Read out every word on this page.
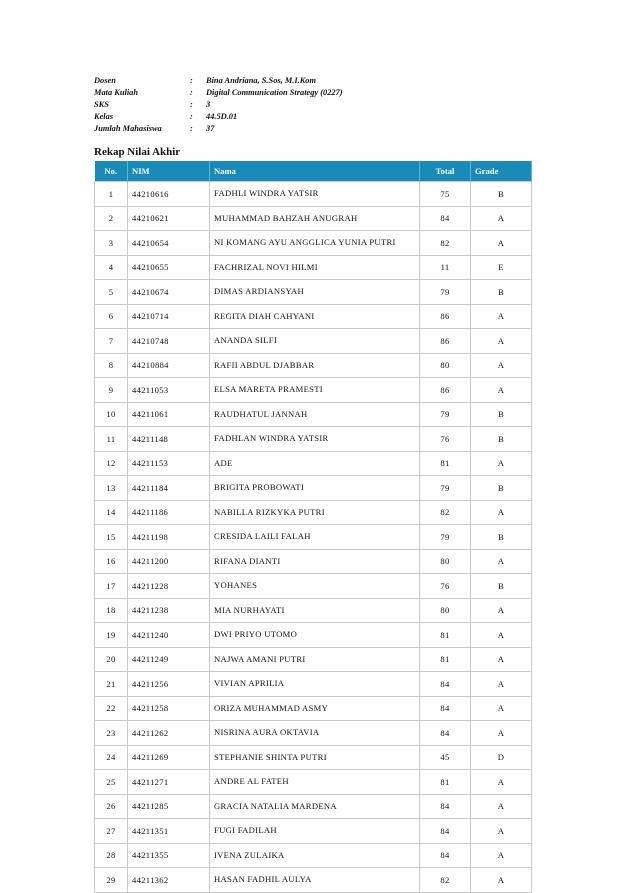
Dosen	:	Bina Andriana, S.Sos, M.I.Kom
Mata Kuliah	:	Digital Communication Strategy (0227)
SKS	:	3
Kelas	:	44.5D.01
Jumlah Mahasiswa	:	37
Rekap Nilai Akhir
No.	NIM	Nama	Total	Grade
1	44210616	FADHLI WINDRA YATSIR	75	B
2	44210621	MUHAMMAD BAHZAH ANUGRAH	84	A
3	44210654	NI KOMANG AYU ANGGLICA YUNIA PUTRI	82	A
4	44210655	FACHRIZAL NOVI HILMI	11	E
5	44210674	DIMAS ARDIANSYAH	79	B
6	44210714	REGITA DIAH CAHYANI	86	A
7	44210748	ANANDA SILFI	86	A
8	44210884	RAFII ABDUL DJABBAR	80	A
9	44211053	ELSA MARETA PRAMESTI	86	A
10	44211061	RAUDHATUL JANNAH	79	B
11	44211148	FADHLAN WINDRA YATSIR	76	B
12	44211153	ADE	81	A
13	44211184	BRIGITA PROBOWATI	79	B
14	44211186	NABILLA RIZKYKA PUTRI	82	A
15	44211198	CRESIDA LAILI FALAH	79	B
16	44211200	RIFANA DIANTI	80	A
17	44211228	YOHANES	76	B
18	44211238	MIA NURHAYATI	80	A
19	44211240	DWI PRIYO UTOMO	81	A
20	44211249	NAJWA AMANI PUTRI	81	A
21	44211256	VIVIAN APRILIA	84	A
22	44211258	ORIZA MUHAMMAD ASMY	84	A
23	44211262	NISRINA AURA OKTAVIA	84	A
24	44211269	STEPHANIE SHINTA PUTRI	45	D
25	44211271	ANDRE AL FATEH	81	A
26	44211285	GRACIA NATALIA MARDENA	84	A
27	44211351	FUGI FADILAH	84	A
28	44211355	IVENA ZULAIKA	84	A
29	44211362	HASAN FADHIL AULYA	82	A
